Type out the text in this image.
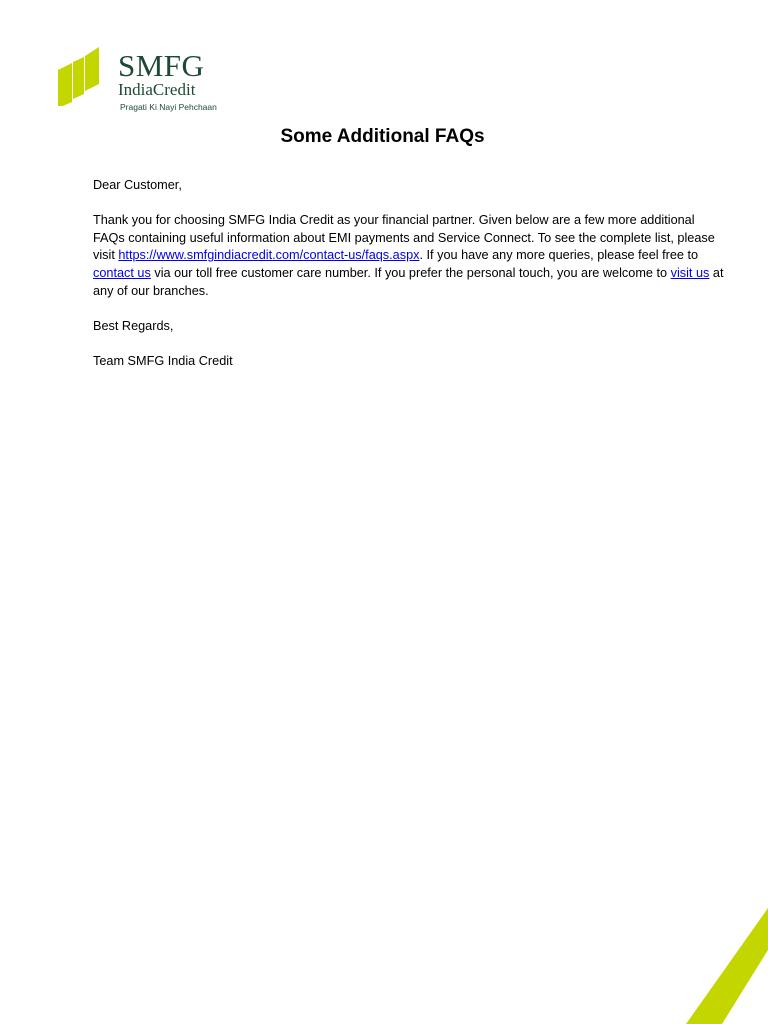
SMFG
IndiaCredit
Pragati Ki Nayi Pehchaan
Some Additional FAQs

Dear Customer,

Thank you for choosing SMFG India Credit as your financial partner. Given below are a few more additional FAQs containing useful information about EMI payments and Service Connect. To see the complete list, please visit https://www.smfgindiacredit.com/contact-us/faqs.aspx. If you have any more queries, please feel free to contact us via our toll free customer care number. If you prefer the personal touch, you are welcome to visit us at any of our branches.

Best Regards,

Team SMFG India Credit
